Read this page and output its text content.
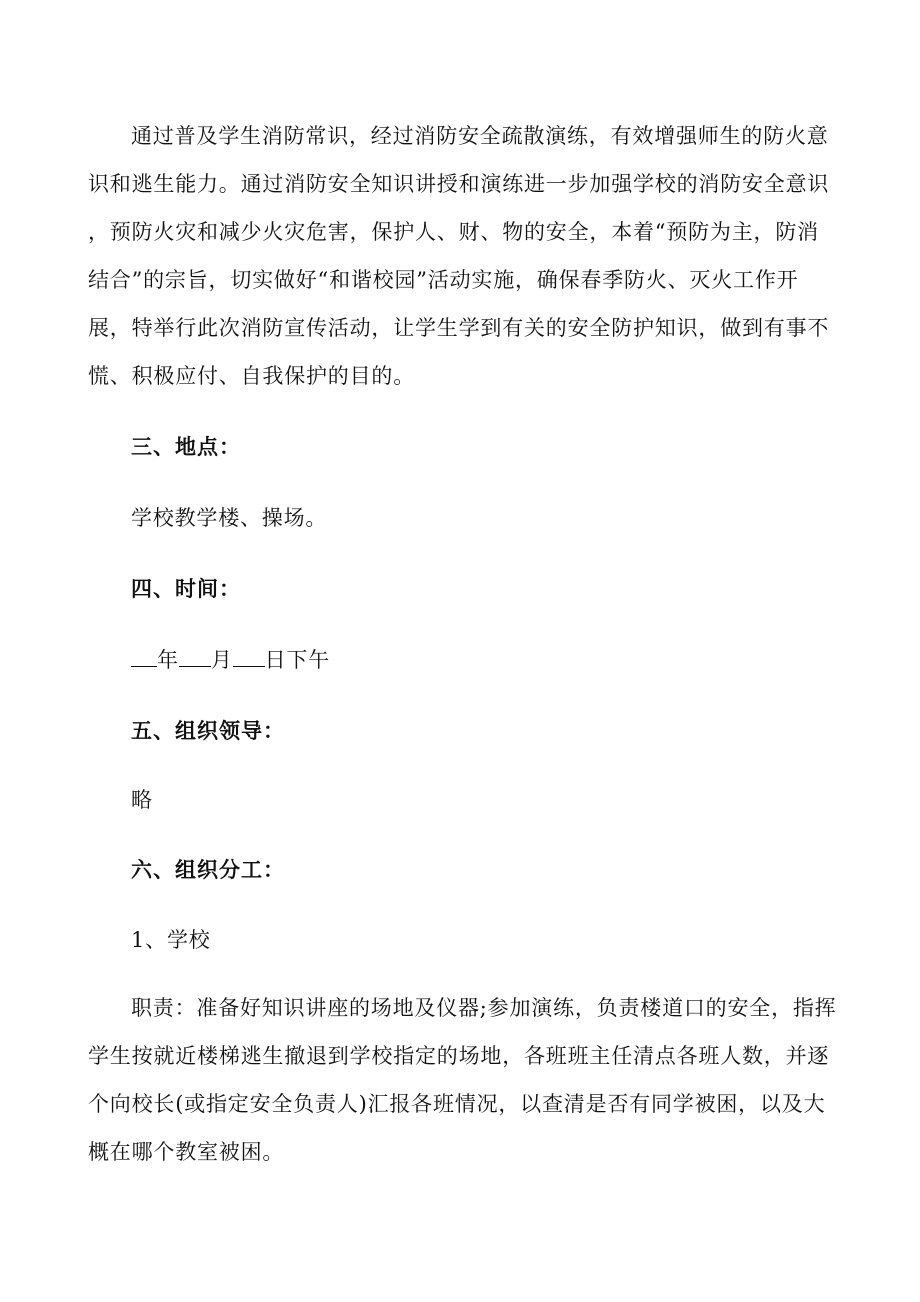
通过普及学生消防常识，经过消防安全疏散演练，有效增强师生的防火意
识和逃生能力。通过消防安全知识讲授和演练进一步加强学校的消防安全意识
，预防火灾和减少火灾危害，保护人、财、物的安全，本着“预防为主，防消
结合”的宗旨，切实做好“和谐校园”活动实施，确保春季防火、灭火工作开
展，特举行此次消防宣传活动，让学生学到有关的安全防护知识，做到有事不
慌、积极应付、自我保护的目的。
三、地点：
学校教学楼、操场。
四、时间：
年 月 日下午
五、组织领导：
略
六、组织分工：
1、学校
职责：准备好知识讲座的场地及仪器;参加演练，负责楼道口的安全，指挥
学生按就近楼梯逃生撤退到学校指定的场地，各班班主任清点各班人数，并逐
个向校长(或指定安全负责人)汇报各班情况，以查清是否有同学被困，以及大
概在哪个教室被困。
